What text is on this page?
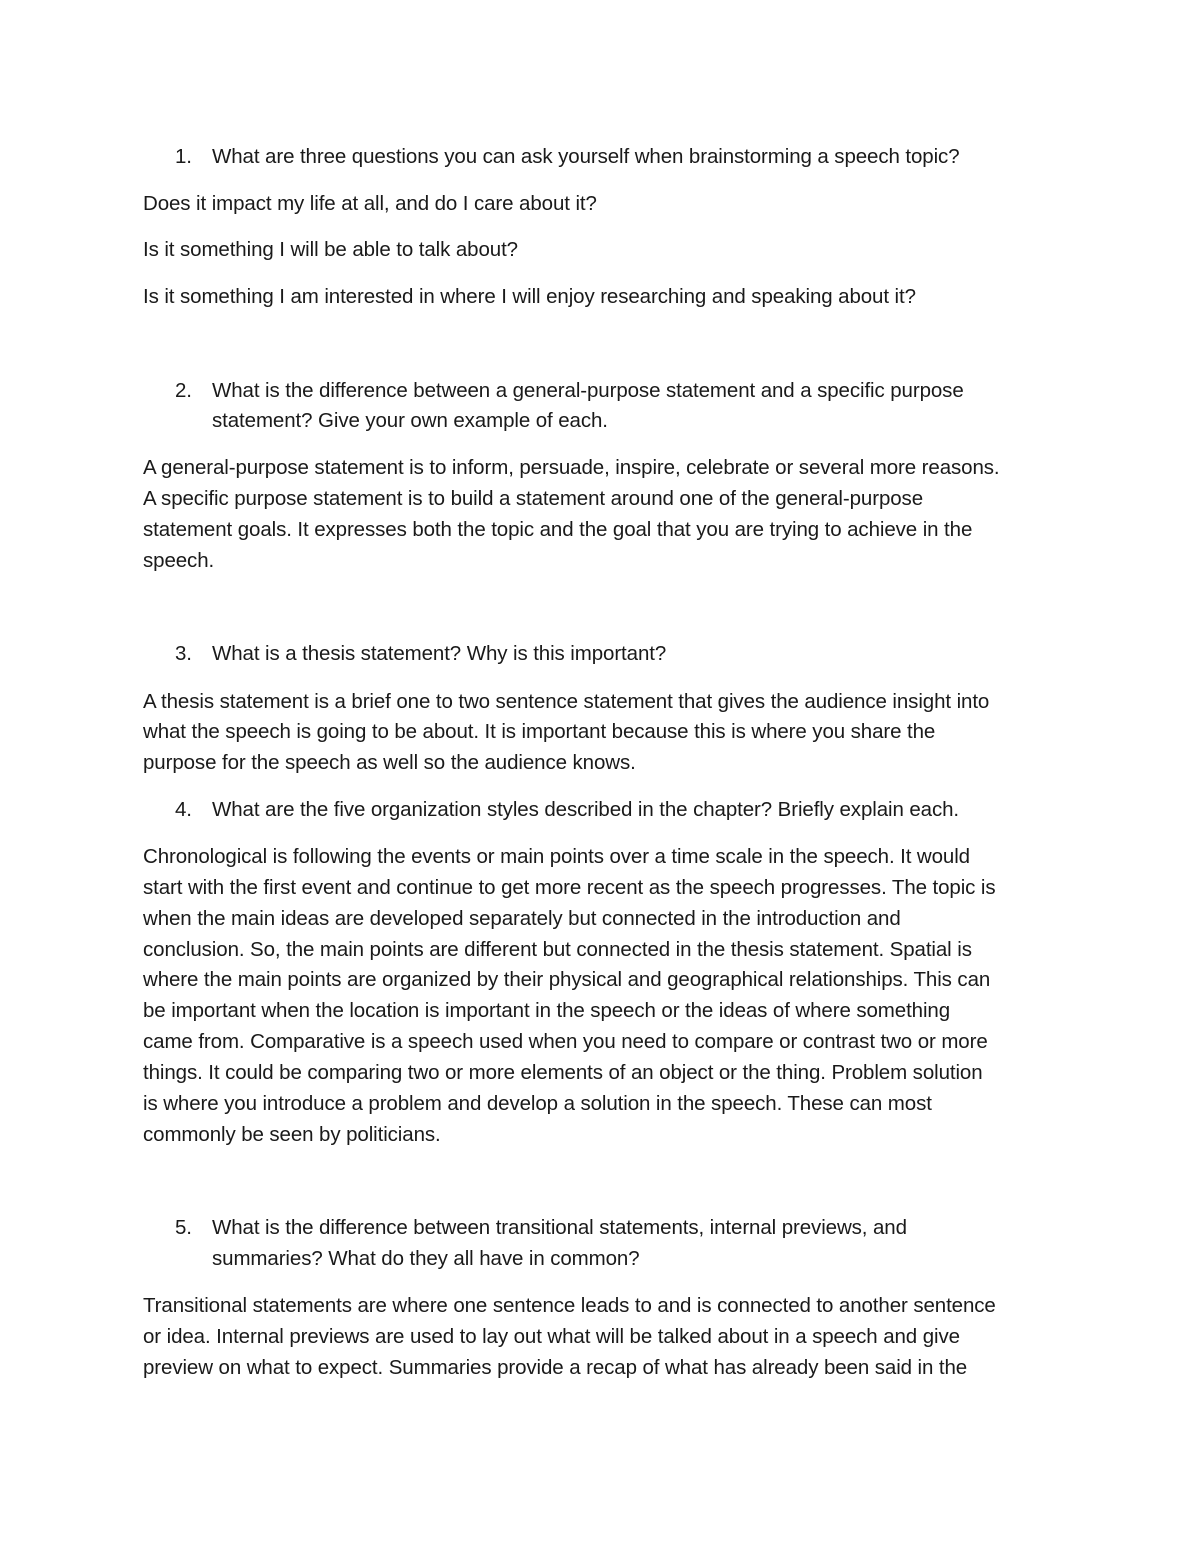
1. What are three questions you can ask yourself when brainstorming a speech topic?
Does it impact my life at all, and do I care about it?
Is it something I will be able to talk about?
Is it something I am interested in where I will enjoy researching and speaking about it?
2. What is the difference between a general-purpose statement and a specific purpose
statement? Give your own example of each.
A general-purpose statement is to inform, persuade, inspire, celebrate or several more reasons.
A specific purpose statement is to build a statement around one of the general-purpose
statement goals. It expresses both the topic and the goal that you are trying to achieve in the
speech.
3. What is a thesis statement? Why is this important?
A thesis statement is a brief one to two sentence statement that gives the audience insight into
what the speech is going to be about. It is important because this is where you share the
purpose for the speech as well so the audience knows.
4. What are the five organization styles described in the chapter? Briefly explain each.
Chronological is following the events or main points over a time scale in the speech. It would
start with the first event and continue to get more recent as the speech progresses. The topic is
when the main ideas are developed separately but connected in the introduction and
conclusion. So, the main points are different but connected in the thesis statement. Spatial is
where the main points are organized by their physical and geographical relationships. This can
be important when the location is important in the speech or the ideas of where something
came from. Comparative is a speech used when you need to compare or contrast two or more
things. It could be comparing two or more elements of an object or the thing. Problem solution
is where you introduce a problem and develop a solution in the speech. These can most
commonly be seen by politicians.
5. What is the difference between transitional statements, internal previews, and
summaries? What do they all have in common?
Transitional statements are where one sentence leads to and is connected to another sentence
or idea. Internal previews are used to lay out what will be talked about in a speech and give
preview on what to expect. Summaries provide a recap of what has already been said in the
